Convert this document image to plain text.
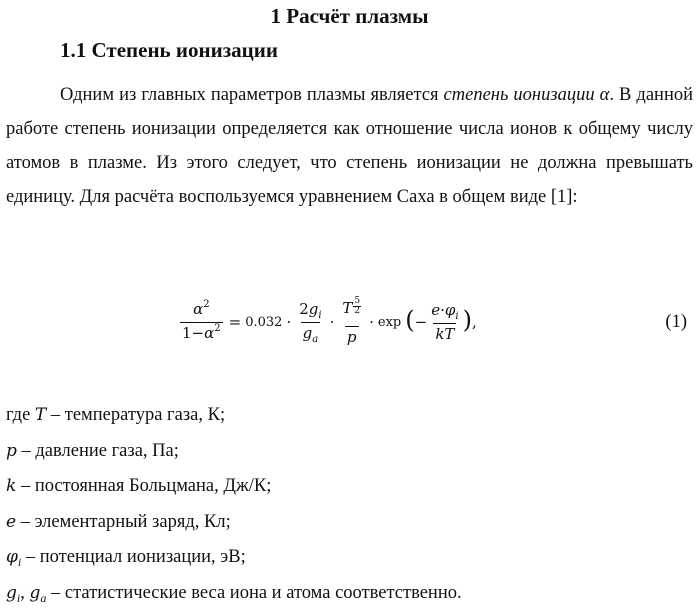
1 Расчёт плазмы
1.1 Степень ионизации

Одним из главных параметров плазмы является степень ионизации α. В данной работе степень ионизации определяется как отношение числа ионов к общему числу атомов в плазме. Из этого следует, что степень ионизации не должна превышать единицу. Для расчёта воспользуемся уравнением Саха в общем виде [1]:

$\frac{\alpha^2}{1-\alpha^2} = 0.032 \cdot \frac{2g_i}{g_a} \cdot \frac{T \frac{5}{2}}{p} \cdot \exp$ ( − $\frac{e\cdot\varphi_i}{kT}$ ) ,	(1)
где T – температура газа, К;
p – давление газа, Па;
k – постоянная Больцмана, Дж/К;
e – элементарный заряд, Кл;
$\varphi_i$ – потенциал ионизации, эВ;
$g_i$, $g_a$ – статистические веса иона и атома соответственно.
